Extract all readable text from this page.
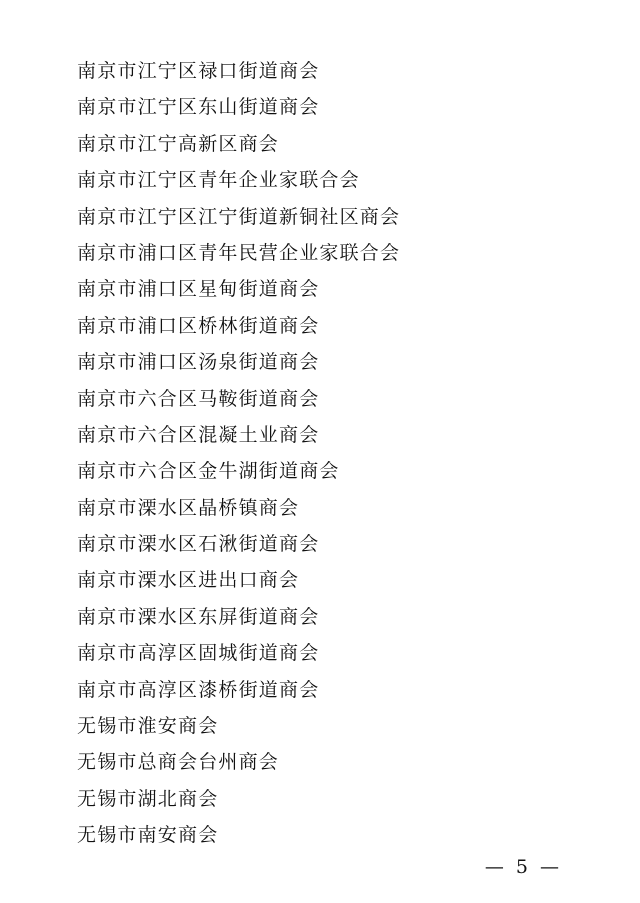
南京市江宁区禄口街道商会
南京市江宁区东山街道商会
南京市江宁高新区商会
南京市江宁区青年企业家联合会
南京市江宁区江宁街道新铜社区商会
南京市浦口区青年民营企业家联合会
南京市浦口区星甸街道商会
南京市浦口区桥林街道商会
南京市浦口区汤泉街道商会
南京市六合区马鞍街道商会
南京市六合区混凝土业商会
南京市六合区金牛湖街道商会
南京市溧水区晶桥镇商会
南京市溧水区石湫街道商会
南京市溧水区进出口商会
南京市溧水区东屏街道商会
南京市高淳区固城街道商会
南京市高淳区漆桥街道商会
无锡市淮安商会
无锡市总商会台州商会
无锡市湖北商会
无锡市南安商会
— 5 —
